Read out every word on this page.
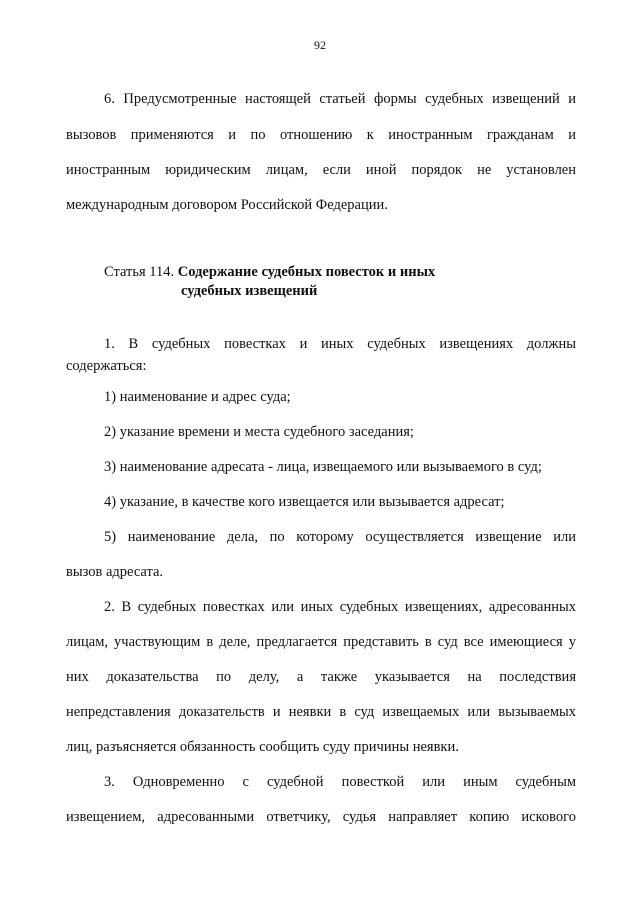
92
6. Предусмотренные настоящей статьей формы судебных извещений и
вызовов применяются и по отношению к иностранным гражданам и
иностранным юридическим лицам, если иной порядок не установлен
международным договором Российской Федерации.
Статья 114. Содержание судебных повесток и иных
судебных извещений
1. В судебных повестках и иных судебных извещениях должны
содержаться:
1) наименование и адрес суда;
2) указание времени и места судебного заседания;
3) наименование адресата - лица, извещаемого или вызываемого в суд;
4) указание, в качестве кого извещается или вызывается адресат;
5) наименование дела, по которому осуществляется извещение или
вызов адресата.
2. В судебных повестках или иных судебных извещениях, адресованных
лицам, участвующим в деле, предлагается представить в суд все имеющиеся у
них доказательства по делу, а также указывается на последствия
непредставления доказательств и неявки в суд извещаемых или вызываемых
лиц, разъясняется обязанность сообщить суду причины неявки.
3. Одновременно с судебной повесткой или иным судебным
извещением, адресованными ответчику, судья направляет копию искового
